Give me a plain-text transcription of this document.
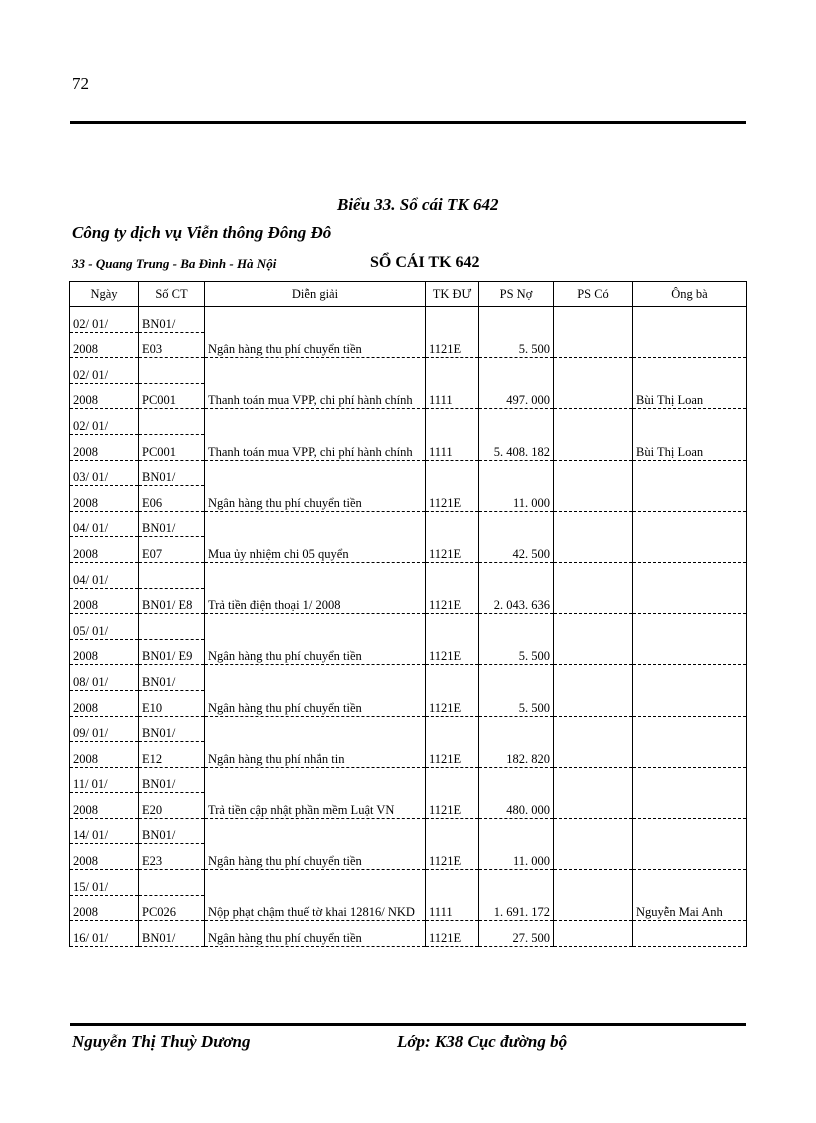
72
Biểu 33. Sổ cái TK 642
Công ty dịch vụ Viễn thông Đông Đô
33 - Quang Trung - Ba Đình - Hà Nội	SỔ CÁI TK 642
Ngày	Số CT	Diễn giải	TK ĐƯ	PS Nợ	PS Có	Ông bà
02/ 01/	BN01/	Ngân hàng thu phí chuyển tiền	1121E	5. 500		
2008	E03					
02/ 01/		Thanh toán mua VPP, chi phí hành chính	1111	497. 000		Bùi Thị Loan
2008	PC001					
02/ 01/		Thanh toán mua VPP, chi phí hành chính	1111	5. 408. 182		Bùi Thị Loan
2008	PC001					
03/ 01/	BN01/	Ngân hàng thu phí chuyển tiền	1121E	11. 000		
2008	E06					
04/ 01/	BN01/	Mua ủy nhiệm chi 05 quyển	1121E	42. 500		
2008	E07					
04/ 01/		Trả tiền điện thoại 1/ 2008	1121E	2. 043. 636		
2008	BN01/ E8					
05/ 01/		Ngân hàng thu phí chuyển tiền	1121E	5. 500		
2008	BN01/ E9					
08/ 01/	BN01/	Ngân hàng thu phí chuyển tiền	1121E	5. 500		
2008	E10					
09/ 01/	BN01/	Ngân hàng thu phí nhắn tin	1121E	182. 820		
2008	E12					
11/ 01/	BN01/	Trả tiền cập nhật phần mềm Luật VN	1121E	480. 000		
2008	E20					
14/ 01/	BN01/	Ngân hàng thu phí chuyển tiền	1121E	11. 000		
2008	E23					
15/ 01/		Nộp phạt chậm thuế tờ khai 12816/ NKD	1111	1. 691. 172		Nguyễn Mai Anh
2008	PC026					
16/ 01/	BN01/	Ngân hàng thu phí chuyển tiền	1121E	27. 500		
Nguyễn Thị Thuỳ Dương	Lớp: K38 Cục đường bộ
